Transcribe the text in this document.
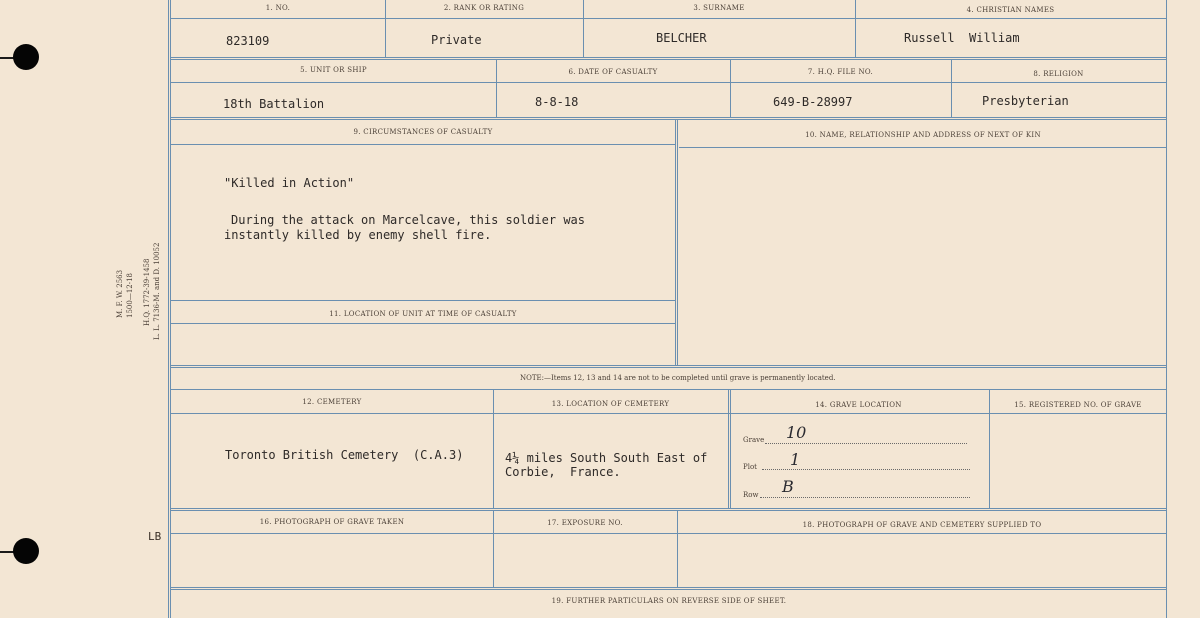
M. F. W. 2563 1500—12-18 H.Q. 1772-39-1458 L. L. 7136-M. and D. 10052
LB
1. NO.	2. RANK OR RATING	3. SURNAME	4. CHRISTIAN NAMES
823109	Private	BELCHER	Russell  William
5. UNIT OR SHIP	6. DATE OF CASUALTY	7. H.Q. FILE NO.	8. RELIGION
18th Battalion	8-8-18	649-B-28997	Presbyterian
9. CIRCUMSTANCES OF CASUALTY	10. NAME, RELATIONSHIP AND ADDRESS OF NEXT OF KIN
11. LOCATION OF UNIT AT TIME OF CASUALTY
"Killed in Action"
During the attack on Marcelcave, this soldier was
instantly killed by enemy shell fire.
NOTE:—Items 12, 13 and 14 are not to be completed until grave is permanently located.
12. CEMETERY	13. LOCATION OF CEMETERY	14. GRAVE LOCATION	15. REGISTERED NO. OF GRAVE
Toronto British Cemetery  (C.A.3)	4¼ miles South South East of
Corbie,  France.
Grave 10
Plot 1
Row B
16. PHOTOGRAPH OF GRAVE TAKEN	17. EXPOSURE NO.	18. PHOTOGRAPH OF GRAVE AND CEMETERY SUPPLIED TO
19. FURTHER PARTICULARS ON REVERSE SIDE OF SHEET.
